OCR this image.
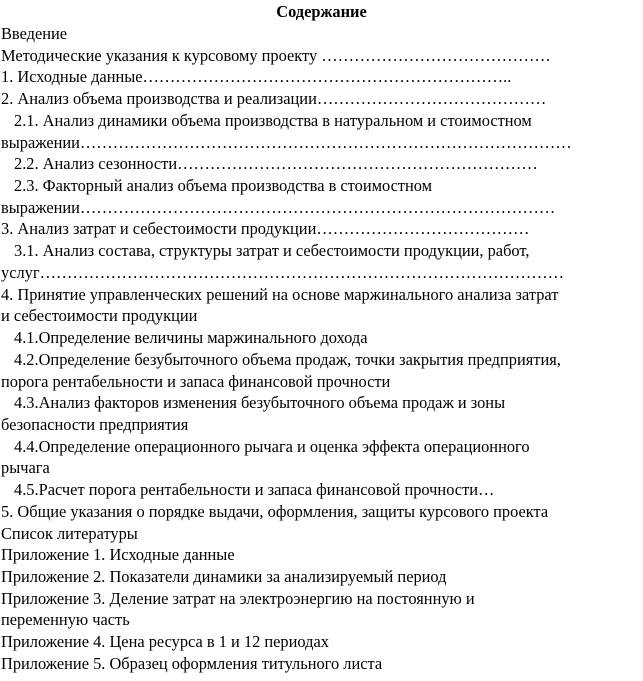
Содержание
Введение
Методические указания к курсовому проекту ……………………………………
1. Исходные данные…………………………………………………………..
2. Анализ объема производства и реализации……………………………………
2.1. Анализ динамики объема производства в натуральном и стоимостном
выражении………………………………………………………………………………
2.2. Анализ сезонности…………………………………………………………
2.3. Факторный анализ объема производства в стоимостном
выражении……………………………………………………………………………
3. Анализ затрат и себестоимости продукции…………………………………
3.1. Анализ состава, структуры затрат и себестоимости продукции, работ,
услуг……………………………………………………………………………………
4. Принятие управленческих решений на основе маржинального анализа затрат
и себестоимости продукции
4.1.Определение величины маржинального дохода
4.2.Определение безубыточного объема продаж, точки закрытия предприятия,
порога рентабельности и запаса финансовой прочности
4.3.Анализ факторов изменения безубыточного объема продаж и зоны
безопасности предприятия
4.4.Определение операционного рычага и оценка эффекта операционного
рычага
4.5.Расчет порога рентабельности и запаса финансовой прочности…
5. Общие указания о порядке выдачи, оформления, защиты курсового проекта
Список литературы
Приложение 1. Исходные данные
Приложение 2. Показатели динамики за анализируемый период
Приложение 3. Деление затрат на электроэнергию на постоянную и
переменную часть
Приложение 4. Цена ресурса в 1 и 12 периодах
Приложение 5. Образец оформления титульного листа
